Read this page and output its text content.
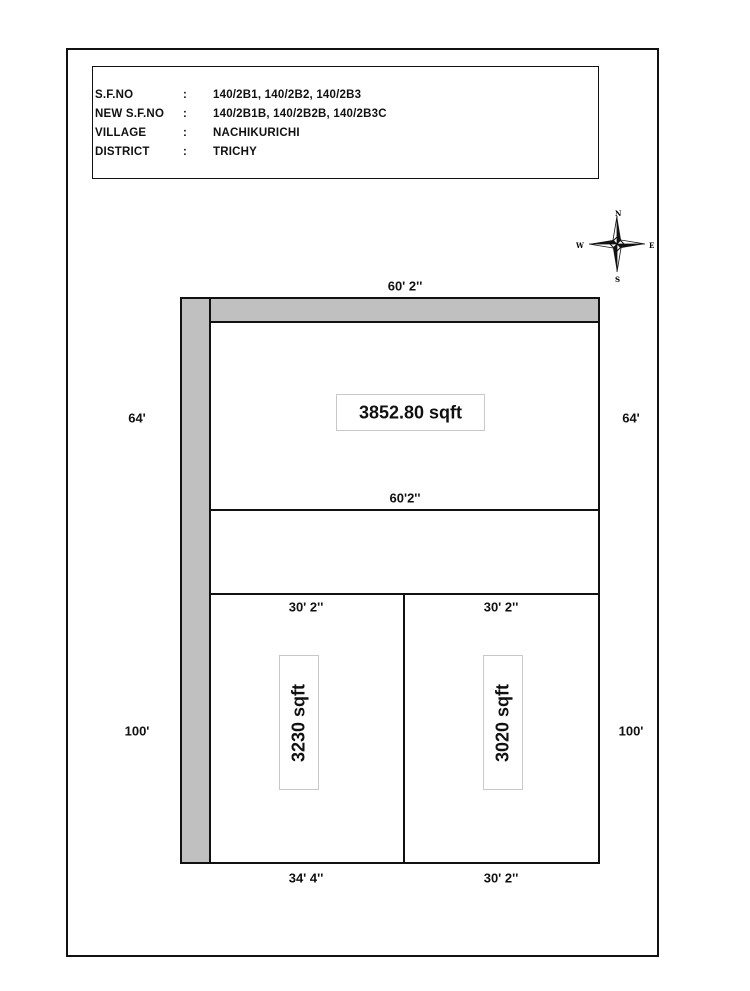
S.F.NO	: 140/2B1, 140/2B2, 140/2B3
NEW S.F.NO : 140/2B1B, 140/2B2B, 140/2B3C
VILLAGE	: NACHIKURICHI
DISTRICT	: TRICHY
N
S
E
W
60' 2''
64'	64'
60'2''
30' 2''	30' 2''
100'	100'
34' 4''	30' 2''
3852.80 sqft
3230 sqft	3020 sqft
